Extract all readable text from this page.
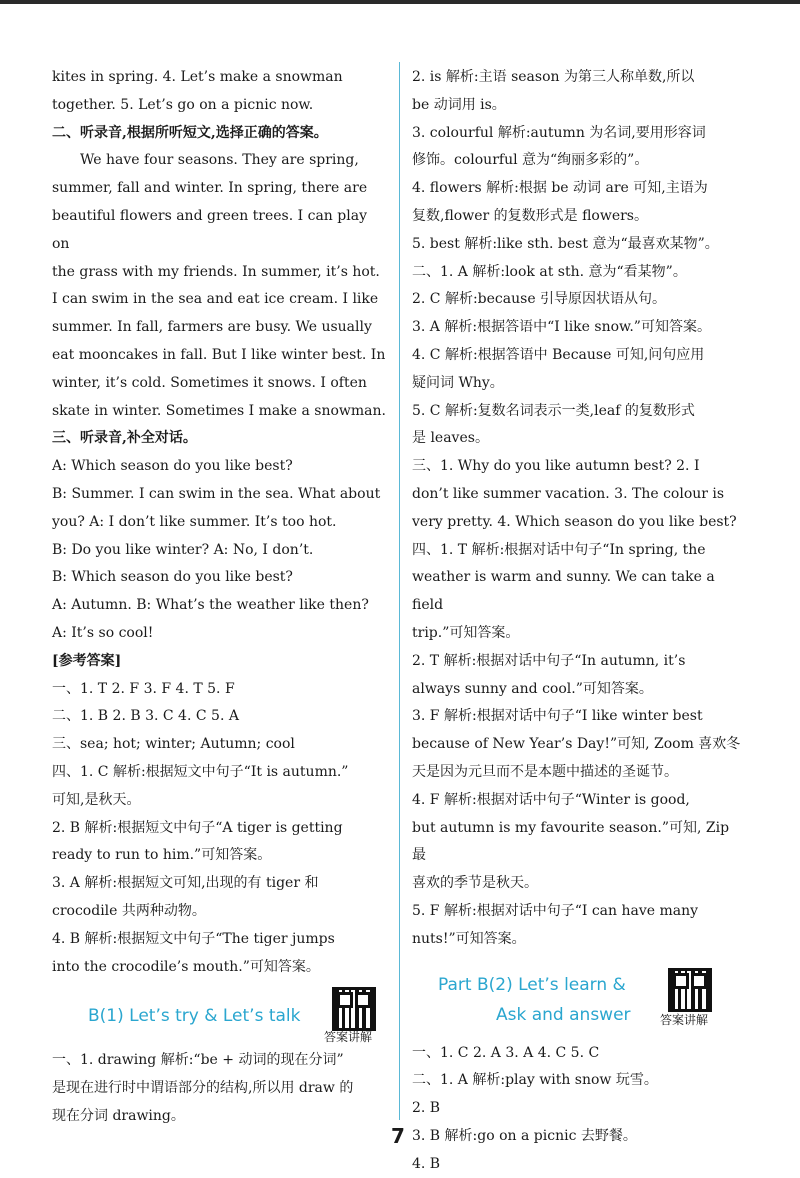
kites in spring. 4. Let’s make a snowman

together. 5. Let’s go on a picnic now.

二、听录音,根据所听短文,选择正确的答案。

We have four seasons. They are spring,

summer, fall and winter. In spring, there are

beautiful flowers and green trees. I can play on

the grass with my friends. In summer, it’s hot.

I can swim in the sea and eat ice cream. I like

summer. In fall, farmers are busy. We usually

eat mooncakes in fall. But I like winter best. In

winter, it’s cold. Sometimes it snows. I often

skate in winter. Sometimes I make a snowman.

三、听录音,补全对话。

A: Which season do you like best?

B: Summer. I can swim in the sea. What about

you? A: I don’t like summer. It’s too hot.

B: Do you like winter? A: No, I don’t.

B: Which season do you like best?

A: Autumn. B: What’s the weather like then?

A: It’s so cool!

[参考答案]

一、1. T 2. F 3. F 4. T 5. F

二、1. B 2. B 3. C 4. C 5. A

三、sea; hot; winter; Autumn; cool

四、1. C 解析:根据短文中句子“It is autumn.”

可知,是秋天。

2. B 解析:根据短文中句子“A tiger is getting

ready to run to him.”可知答案。

3. A 解析:根据短文可知,出现的有 tiger 和

crocodile 共两种动物。

4. B 解析:根据短文中句子“The tiger jumps

into the crocodile’s mouth.”可知答案。

B(1) Let’s try & Let’s talk
答案讲解

一、1. drawing 解析:“be + 动词的现在分词”

是现在进行时中谓语部分的结构,所以用 draw 的

现在分词 drawing。

2. is 解析:主语 season 为第三人称单数,所以

be 动词用 is。

3. colourful 解析:autumn 为名词,要用形容词

修饰。colourful 意为“绚丽多彩的”。

4. flowers 解析:根据 be 动词 are 可知,主语为

复数,flower 的复数形式是 flowers。

5. best 解析:like sth. best 意为“最喜欢某物”。

二、1. A 解析:look at sth. 意为“看某物”。

2. C 解析:because 引导原因状语从句。

3. A 解析:根据答语中“I like snow.”可知答案。

4. C 解析:根据答语中 Because 可知,问句应用

疑问词 Why。

5. C 解析:复数名词表示一类,leaf 的复数形式

是 leaves。

三、1. Why do you like autumn best? 2. I

don’t like summer vacation. 3. The colour is

very pretty. 4. Which season do you like best?

四、1. T 解析:根据对话中句子“In spring, the

weather is warm and sunny. We can take a field

trip.”可知答案。

2. T 解析:根据对话中句子“In autumn, it’s

always sunny and cool.”可知答案。

3. F 解析:根据对话中句子“I like winter best

because of New Year’s Day!”可知, Zoom 喜欢冬

天是因为元旦而不是本题中描述的圣诞节。

4. F 解析:根据对话中句子“Winter is good,

but autumn is my favourite season.”可知, Zip 最

喜欢的季节是秋天。

5. F 解析:根据对话中句子“I can have many

nuts!”可知答案。

Part B(2) Let’s learn &
Ask and answer 答案讲解

一、1. C 2. A 3. A 4. C 5. C

二、1. A 解析:play with snow 玩雪。

2. B

3. B 解析:go on a picnic 去野餐。

4. B

7
